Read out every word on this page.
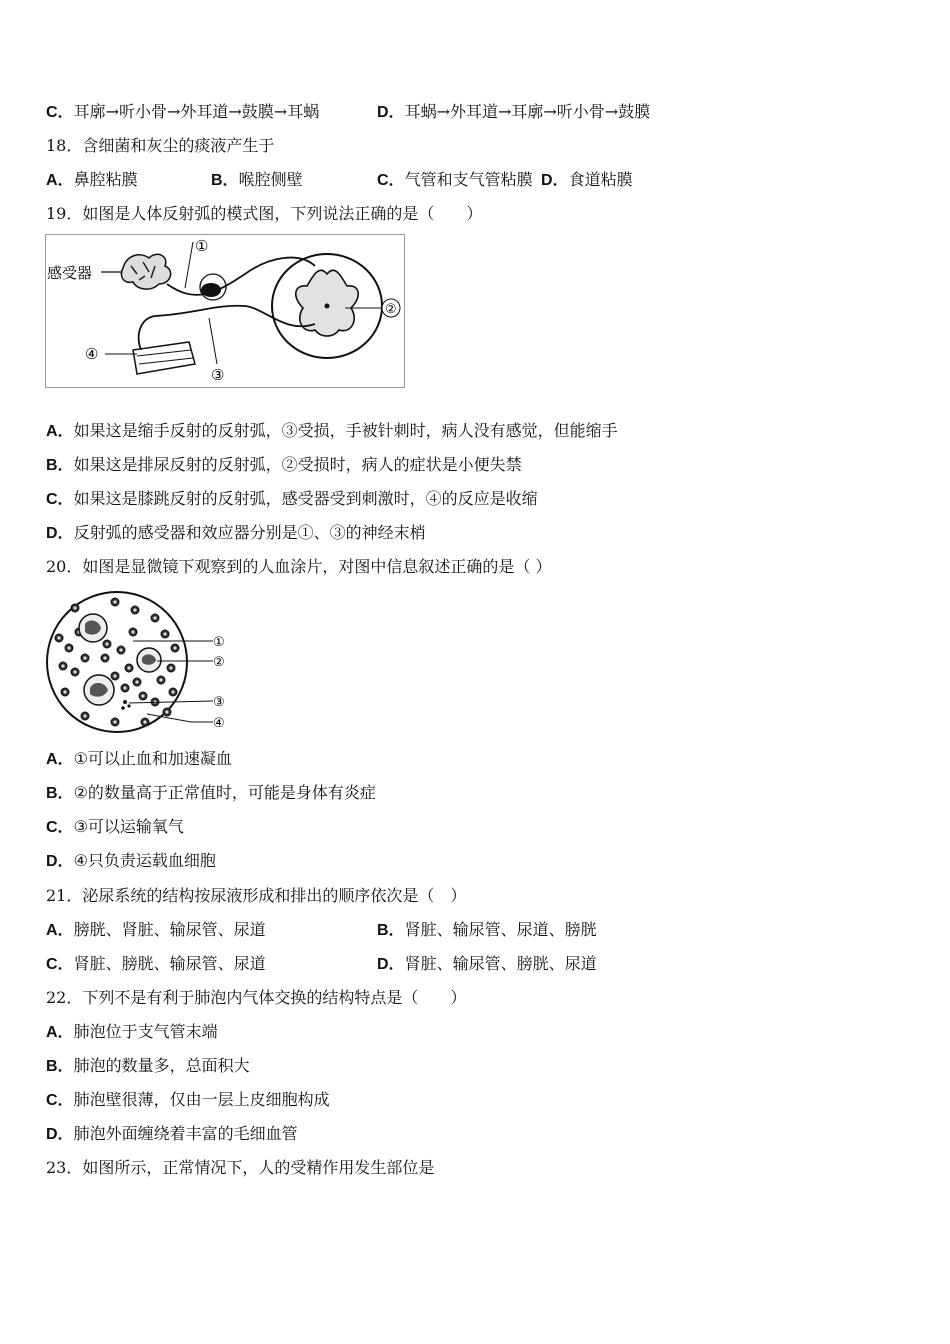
C．耳廓→听小骨→外耳道→鼓膜→耳蜗	D．耳蜗→外耳道→耳廓→听小骨→鼓膜
18．含细菌和灰尘的痰液产生于
A．鼻腔粘膜	B．喉腔侧壁	C．气管和支气管粘膜 D．食道粘膜
19．如图是人体反射弧的模式图，下列说法正确的是（　　）
感受器
①
②
④
③
A．如果这是缩手反射的反射弧，③受损，手被针刺时，病人没有感觉，但能缩手
B．如果这是排尿反射的反射弧，②受损时，病人的症状是小便失禁
C．如果这是膝跳反射的反射弧，感受器受到刺激时，④的反应是收缩
D．反射弧的感受器和效应器分别是①、③的神经末梢
20．如图是显微镜下观察到的人血涂片，对图中信息叙述正确的是（ ）
①
②
③
④
A．①可以止血和加速凝血
B．②的数量高于正常值时，可能是身体有炎症
C．③可以运输氧气
D．④只负责运载血细胞
21．泌尿系统的结构按尿液形成和排出的顺序依次是（　）
A．膀胱、肾脏、输尿管、尿道	B．肾脏、输尿管、尿道、膀胱
C．肾脏、膀胱、输尿管、尿道	D．肾脏、输尿管、膀胱、尿道
22．下列不是有利于肺泡内气体交换的结构特点是（　　）
A．肺泡位于支气管末端
B．肺泡的数量多，总面积大
C．肺泡壁很薄，仅由一层上皮细胞构成
D．肺泡外面缠绕着丰富的毛细血管
23．如图所示，正常情况下，人的受精作用发生部位是
